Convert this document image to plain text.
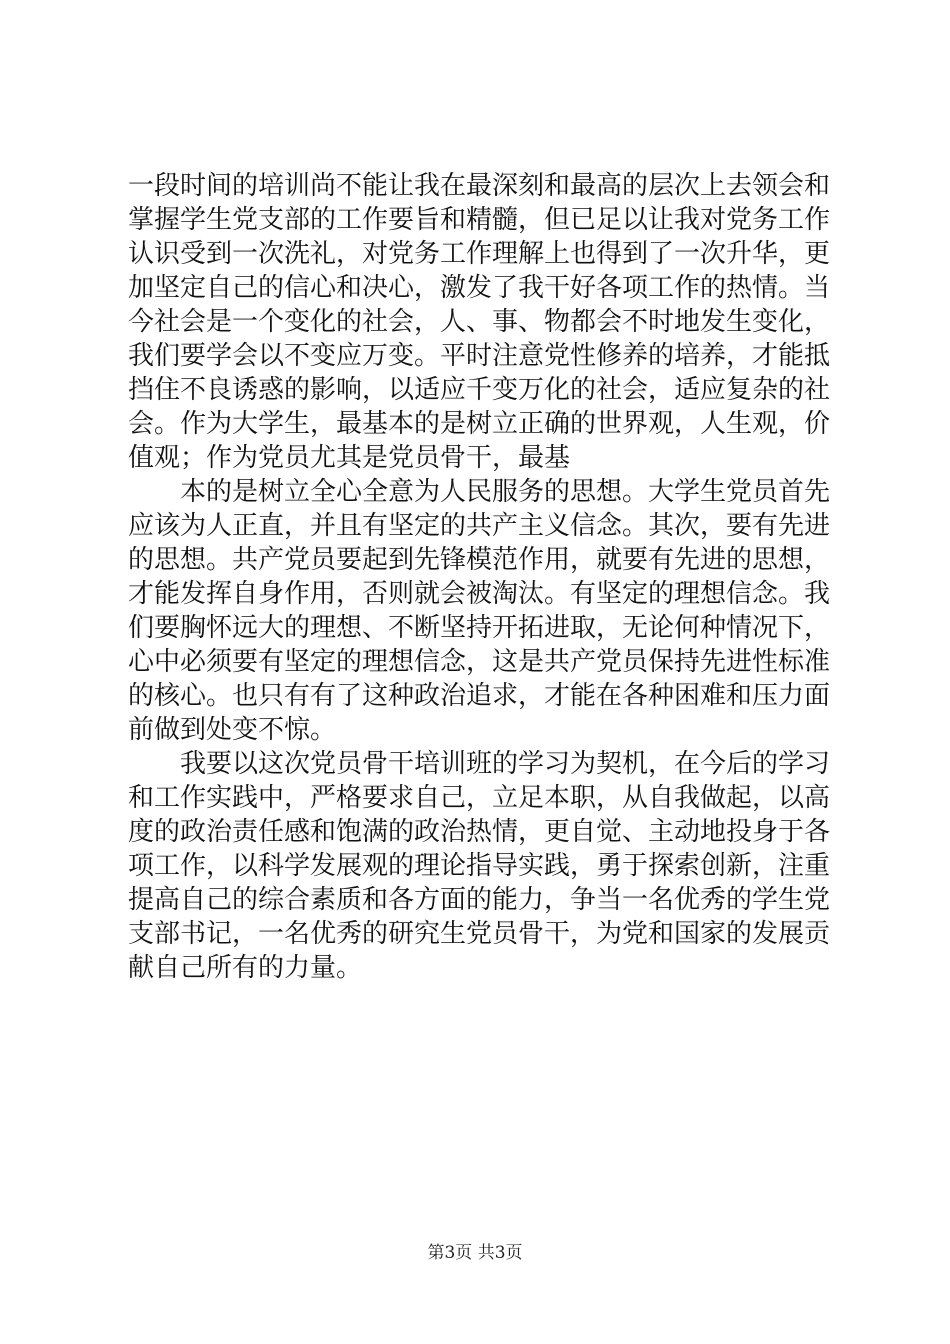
一段时间的培训尚不能让我在最深刻和最高的层次上去领会和
掌握学生党支部的工作要旨和精髓，但已足以让我对党务工作
认识受到一次洗礼，对党务工作理解上也得到了一次升华，更
加坚定自己的信心和决心，激发了我干好各项工作的热情。当
今社会是一个变化的社会，人、事、物都会不时地发生变化，
我们要学会以不变应万变。平时注意党性修养的培养，才能抵
挡住不良诱惑的影响，以适应千变万化的社会，适应复杂的社
会。作为大学生，最基本的是树立正确的世界观，人生观，价
值观；作为党员尤其是党员骨干，最基
本的是树立全心全意为人民服务的思想。大学生党员首先
应该为人正直，并且有坚定的共产主义信念。其次，要有先进
的思想。共产党员要起到先锋模范作用，就要有先进的思想，
才能发挥自身作用，否则就会被淘汰。有坚定的理想信念。我
们要胸怀远大的理想、不断坚持开拓进取，无论何种情况下，
心中必须要有坚定的理想信念，这是共产党员保持先进性标准
的核心。也只有有了这种政治追求，才能在各种困难和压力面
前做到处变不惊。
我要以这次党员骨干培训班的学习为契机，在今后的学习
和工作实践中，严格要求自己，立足本职，从自我做起，以高
度的政治责任感和饱满的政治热情，更自觉、主动地投身于各
项工作，以科学发展观的理论指导实践，勇于探索创新，注重
提高自己的综合素质和各方面的能力，争当一名优秀的学生党
支部书记，一名优秀的研究生党员骨干，为党和国家的发展贡
献自己所有的力量。
第3页 共3页
